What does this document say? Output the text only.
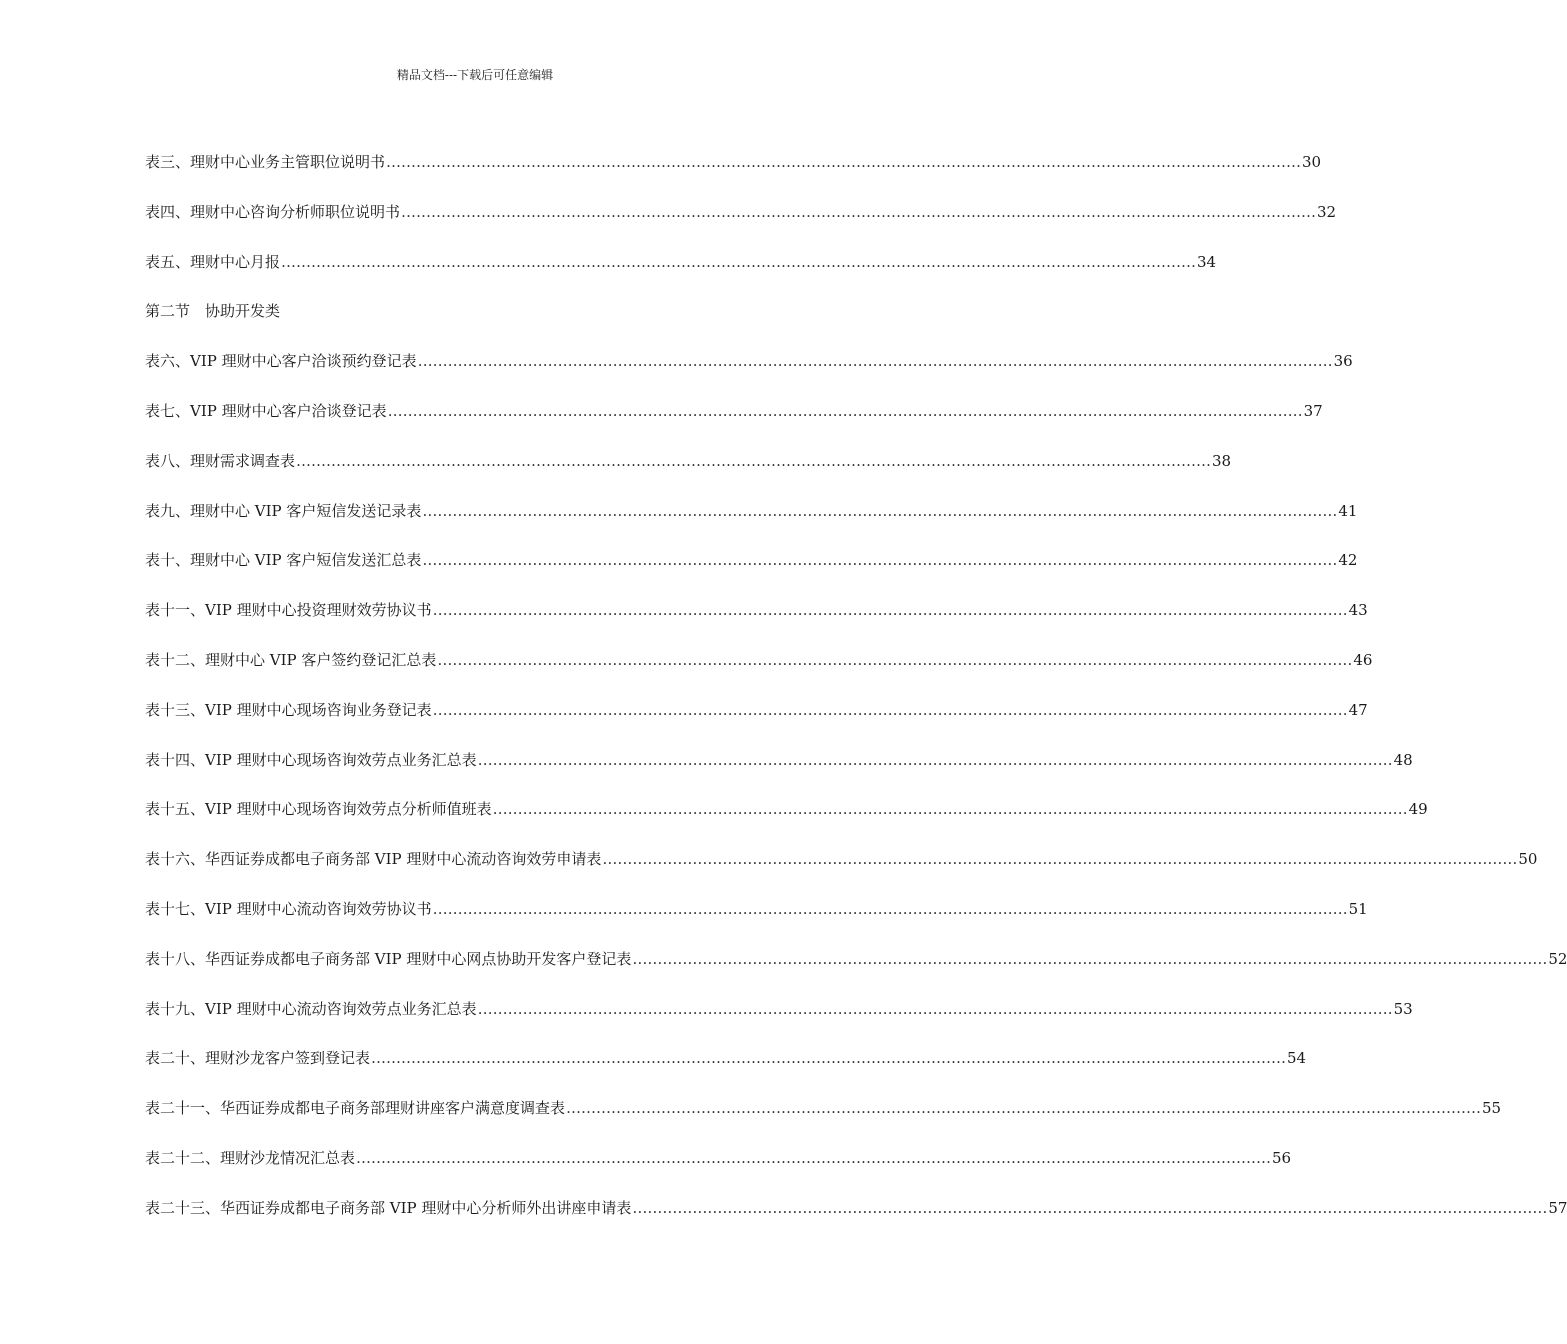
精品文档---下载后可任意编辑
表三、理财中心业务主管职位说明书 ………………………………………………………………………………………………………………………………………………………………… 30
表四、理财中心咨询分析师职位说明书 ………………………………………………………………………………………………………………………………………………………………… 32
表五、理财中心月报 ………………………………………………………………………………………………………………………………………………………………… 34
第二节　协助开发类
表六、VIP 理财中心客户洽谈预约登记表 ………………………………………………………………………………………………………………………………………………………………… 36
表七、VIP 理财中心客户洽谈登记表 ………………………………………………………………………………………………………………………………………………………………… 37
表八、理财需求调查表 ………………………………………………………………………………………………………………………………………………………………… 38
表九、理财中心 VIP 客户短信发送记录表 ………………………………………………………………………………………………………………………………………………………………… 41
表十、理财中心 VIP 客户短信发送汇总表 ………………………………………………………………………………………………………………………………………………………………… 42
表十一、VIP 理财中心投资理财效劳协议书 ………………………………………………………………………………………………………………………………………………………………… 43
表十二、理财中心 VIP 客户签约登记汇总表 ………………………………………………………………………………………………………………………………………………………………… 46
表十三、VIP 理财中心现场咨询业务登记表 ………………………………………………………………………………………………………………………………………………………………… 47
表十四、VIP 理财中心现场咨询效劳点业务汇总表 ………………………………………………………………………………………………………………………………………………………………… 48
表十五、VIP 理财中心现场咨询效劳点分析师值班表 ………………………………………………………………………………………………………………………………………………………………… 49
表十六、华西证券成都电子商务部 VIP 理财中心流动咨询效劳申请表 ………………………………………………………………………………………………………………………………………………………………… 50
表十七、VIP 理财中心流动咨询效劳协议书 ………………………………………………………………………………………………………………………………………………………………… 51
表十八、华西证券成都电子商务部 VIP 理财中心网点协助开发客户登记表 ………………………………………………………………………………………………………………………………………………………………… 52
表十九、VIP 理财中心流动咨询效劳点业务汇总表 ………………………………………………………………………………………………………………………………………………………………… 53
表二十、理财沙龙客户签到登记表 ………………………………………………………………………………………………………………………………………………………………… 54
表二十一、华西证券成都电子商务部理财讲座客户满意度调查表 ………………………………………………………………………………………………………………………………………………………………… 55
表二十二、理财沙龙情况汇总表 ………………………………………………………………………………………………………………………………………………………………… 56
表二十三、华西证券成都电子商务部 VIP 理财中心分析师外出讲座申请表 ………………………………………………………………………………………………………………………………………………………………… 57
